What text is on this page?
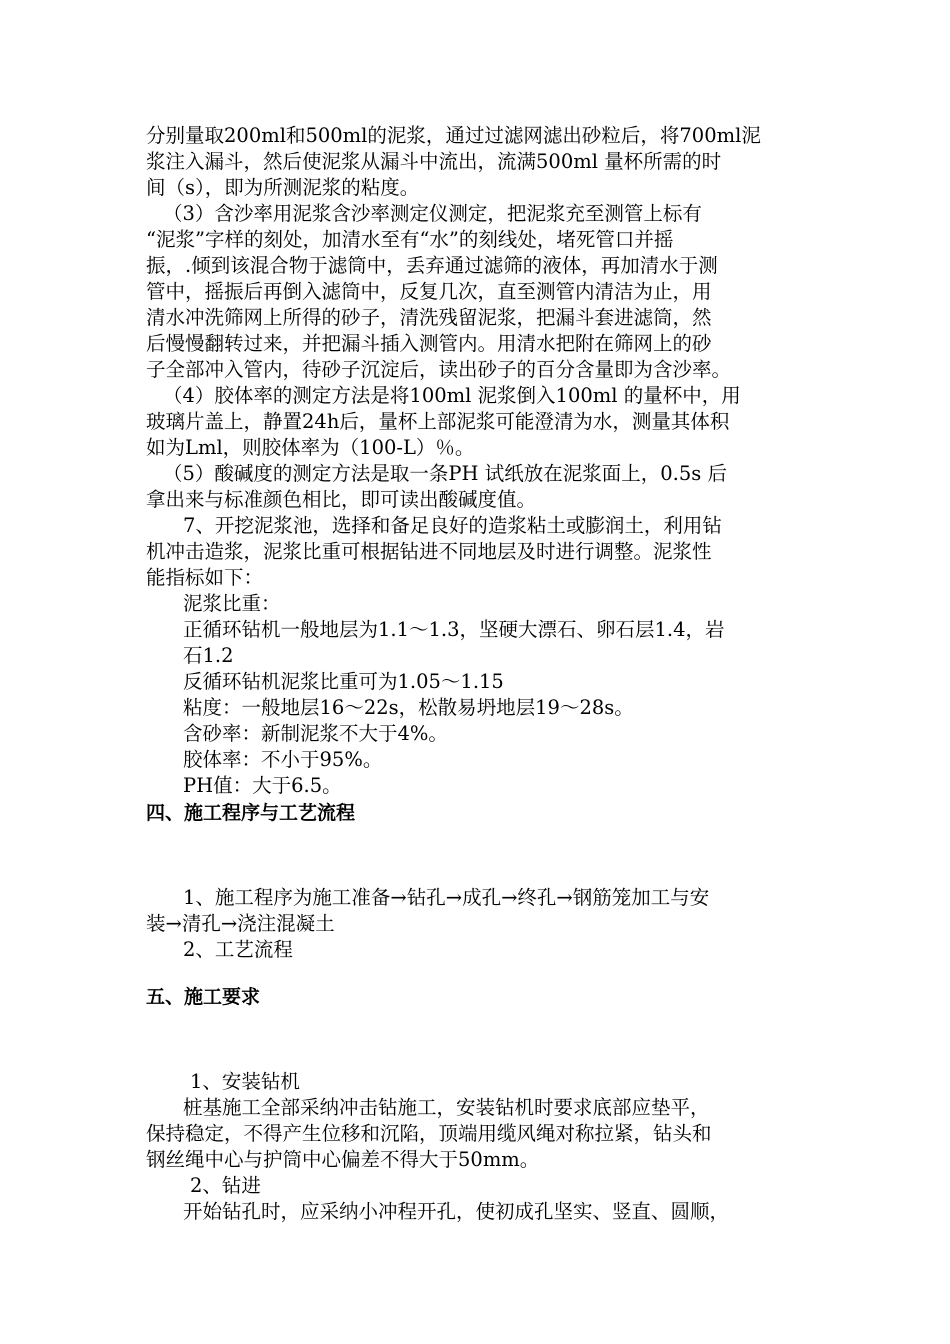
分别量取200ml和500ml的泥浆，通过过滤网滤出砂粒后，将700ml泥
浆注入漏斗，然后使泥浆从漏斗中流出，流满500ml 量杯所需的时
间（s），即为所测泥浆的粘度。
（3）含沙率用泥浆含沙率测定仪测定，把泥浆充至测管上标有
“泥浆”字样的刻处，加清水至有“水”的刻线处，堵死管口并摇
振，.倾到该混合物于滤筒中，丢弃通过滤筛的液体，再加清水于测
管中，摇振后再倒入滤筒中，反复几次，直至测管内清洁为止，用
清水冲洗筛网上所得的砂子，清洗残留泥浆，把漏斗套进滤筒，然
后慢慢翻转过来，并把漏斗插入测管内。用清水把附在筛网上的砂
子全部冲入管内，待砂子沉淀后，读出砂子的百分含量即为含沙率。
（4）胶体率的测定方法是将100ml 泥浆倒入100ml 的量杯中，用
玻璃片盖上，静置24h后，量杯上部泥浆可能澄清为水，测量其体积
如为Lml，则胶体率为（100-L）％。
（5）酸碱度的测定方法是取一条PH 试纸放在泥浆面上，0.5s 后
拿出来与标准颜色相比，即可读出酸碱度值。
7、开挖泥浆池，选择和备足良好的造浆粘土或膨润土，利用钻
机冲击造浆，泥浆比重可根据钻进不同地层及时进行调整。泥浆性
能指标如下：
泥浆比重：
正循环钻机一般地层为1.1～1.3，坚硬大漂石、卵石层1.4，岩
石1.2
反循环钻机泥浆比重可为1.05～1.15
粘度：一般地层16～22s，松散易坍地层19～28s。
含砂率：新制泥浆不大于4%。
胶体率：不小于95%。
PH值：大于6.5。
四、施工程序与工艺流程
1、施工程序为施工准备→钻孔→成孔→终孔→钢筋笼加工与安
装→清孔→浇注混凝土
2、工艺流程
五、施工要求
1、安装钻机
桩基施工全部采纳冲击钻施工，安装钻机时要求底部应垫平，
保持稳定，不得产生位移和沉陷，顶端用缆风绳对称拉紧，钻头和
钢丝绳中心与护筒中心偏差不得大于50mm。
2、钻进
开始钻孔时，应采纳小冲程开孔，使初成孔坚实、竖直、圆顺，
